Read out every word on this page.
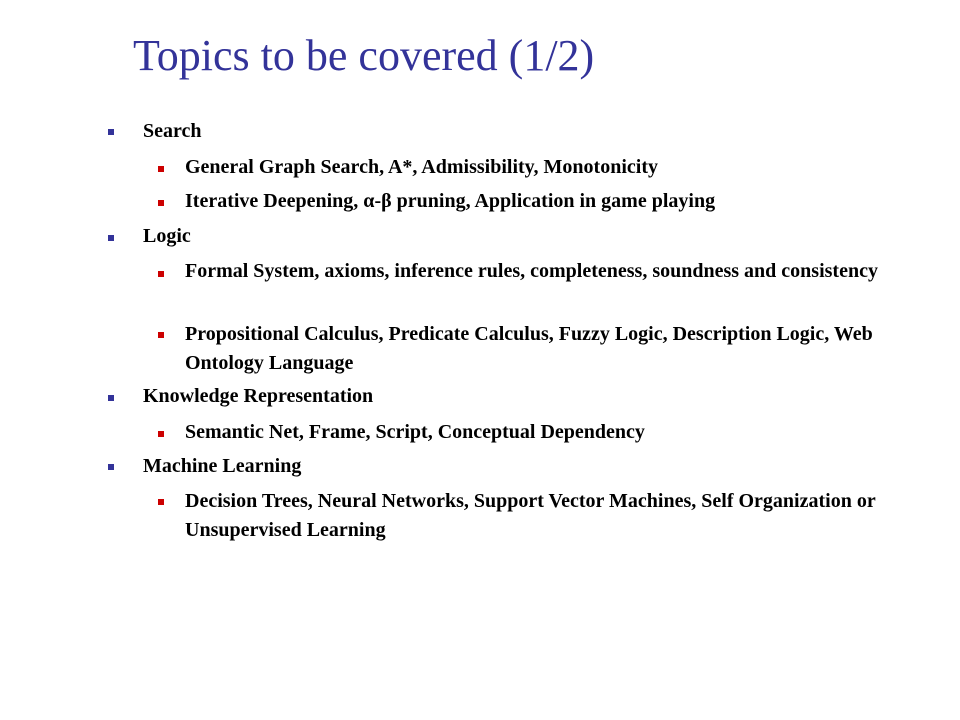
Topics to be covered (1/2)
Search
General Graph Search, A*, Admissibility, Monotonicity
Iterative Deepening, α-β pruning, Application in game playing
Logic
Formal System, axioms, inference rules, completeness, soundness and consistency
Propositional Calculus, Predicate Calculus, Fuzzy Logic, Description Logic, Web Ontology Language
Knowledge Representation
Semantic Net, Frame, Script, Conceptual Dependency
Machine Learning
Decision Trees, Neural Networks, Support Vector Machines, Self Organization or Unsupervised Learning
